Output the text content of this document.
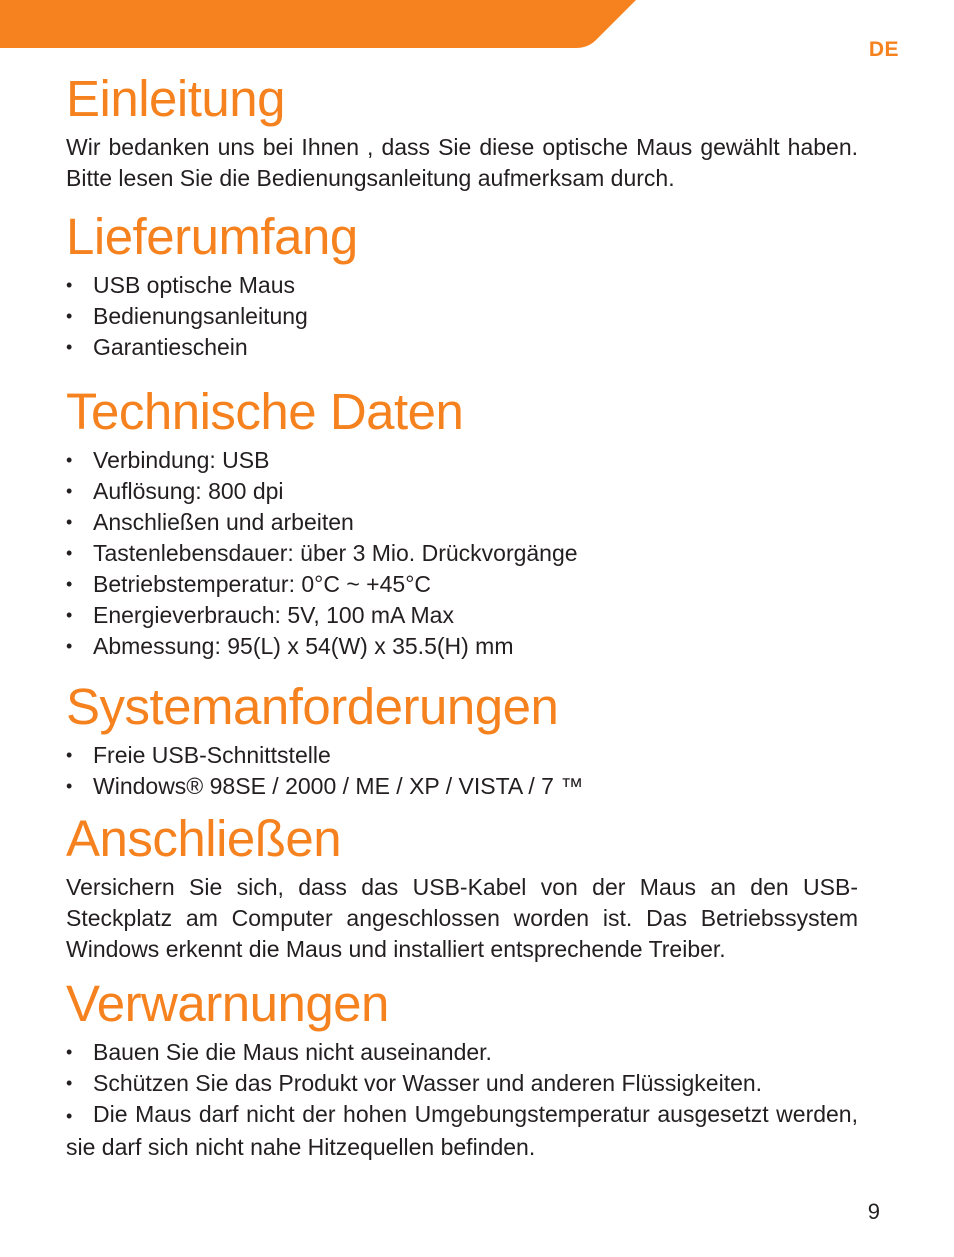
DE
Einleitung

Wir bedanken uns bei Ihnen , dass Sie diese optische Maus gewählt haben. Bitte lesen Sie die Bedienungsanleitung aufmerksam durch.

Lieferumfang
• USB optische Maus
• Bedienungsanleitung
• Garantieschein
Technische Daten
• Verbindung: USB
• Auflösung: 800 dpi
• Anschließen und arbeiten
• Tastenlebensdauer: über 3 Mio. Drückvorgänge
• Betriebstemperatur: 0°C ~ +45°C
• Energieverbrauch: 5V, 100 mA Max
• Abmessung: 95(L) x 54(W) x 35.5(H) mm
Systemanforderungen
• Freie USB-Schnittstelle
• Windows® 98SE / 2000 / ME / XP / VISTA / 7 ™
Anschließen

Versichern Sie sich, dass das USB-Kabel von der Maus an den USB-Steckplatz am Computer angeschlossen worden ist. Das Betriebssystem Windows erkennt die Maus und installiert entsprechende Treiber.

Verwarnungen
• Bauen Sie die Maus nicht auseinander.
• Schützen Sie das Produkt vor Wasser und anderen Flüssigkeiten.
• Die Maus darf nicht der hohen Umgebungstemperatur ausgesetzt werden, sie darf sich nicht nahe Hitzequellen befinden.
9
